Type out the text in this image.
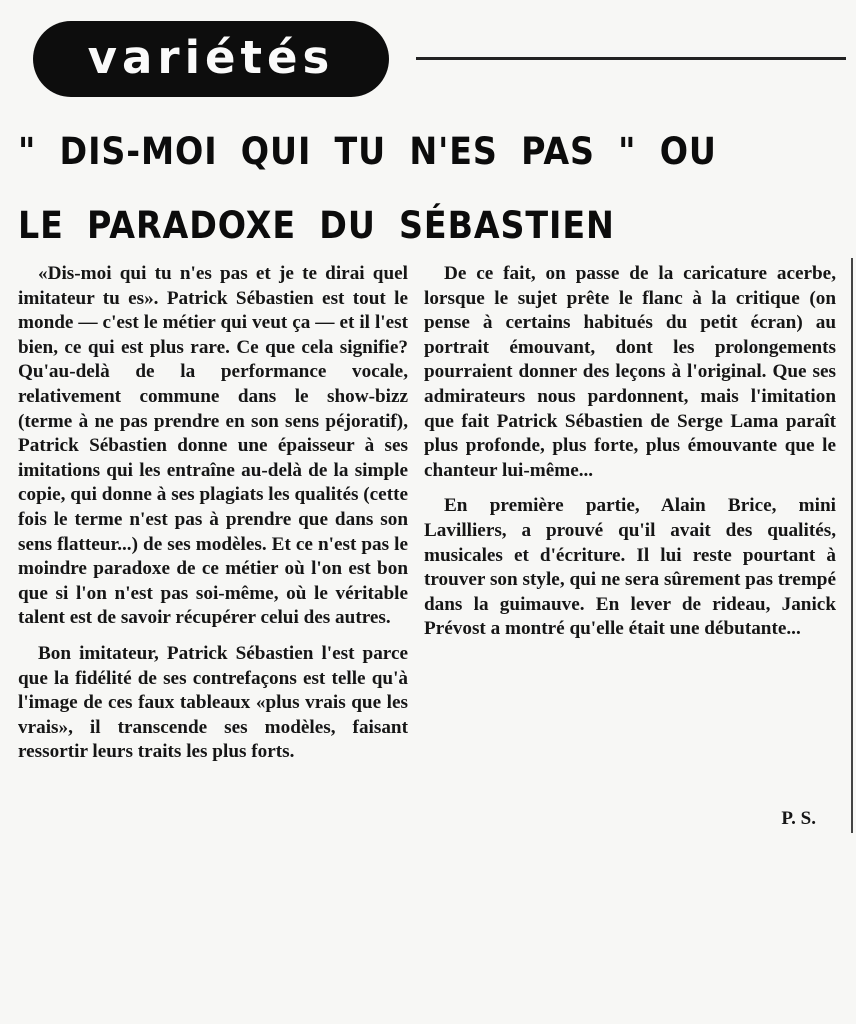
variétés
" DIS-MOI QUI TU N'ES PAS " OU
LE PARADOXE DU SÉBASTIEN

«Dis-moi qui tu n'es pas et je te dirai quel imitateur tu es». Patrick Sébastien est tout le monde — c'est le métier qui veut ça — et il l'est bien, ce qui est plus rare. Ce que cela signifie? Qu'au-delà de la performance vocale, relativement commune dans le show-bizz (terme à ne pas prendre en son sens péjoratif), Patrick Sébastien donne une épaisseur à ses imitations qui les entraîne au-delà de la simple copie, qui donne à ses plagiats les qualités (cette fois le terme n'est pas à prendre que dans son sens flatteur...) de ses modèles. Et ce n'est pas le moindre paradoxe de ce métier où l'on est bon que si l'on n'est pas soi-même, où le véritable talent est de savoir récupérer celui des autres.

Bon imitateur, Patrick Sébastien l'est parce que la fidélité de ses contrefaçons est telle qu'à l'image de ces faux tableaux «plus vrais que les vrais», il transcende ses modèles, faisant ressortir leurs traits les plus forts.

De ce fait, on passe de la caricature acerbe, lorsque le sujet prête le flanc à la critique (on pense à certains habitués du petit écran) au portrait émouvant, dont les prolongements pourraient donner des leçons à l'original. Que ses admirateurs nous pardonnent, mais l'imitation que fait Patrick Sébastien de Serge Lama paraît plus profonde, plus forte, plus émouvante que le chanteur lui-même...

En première partie, Alain Brice, mini Lavilliers, a prouvé qu'il avait des qualités, musicales et d'écriture. Il lui reste pourtant à trouver son style, qui ne sera sûrement pas trempé dans la guimauve. En lever de rideau, Janick Prévost a montré qu'elle était une débutante...

P. S.
